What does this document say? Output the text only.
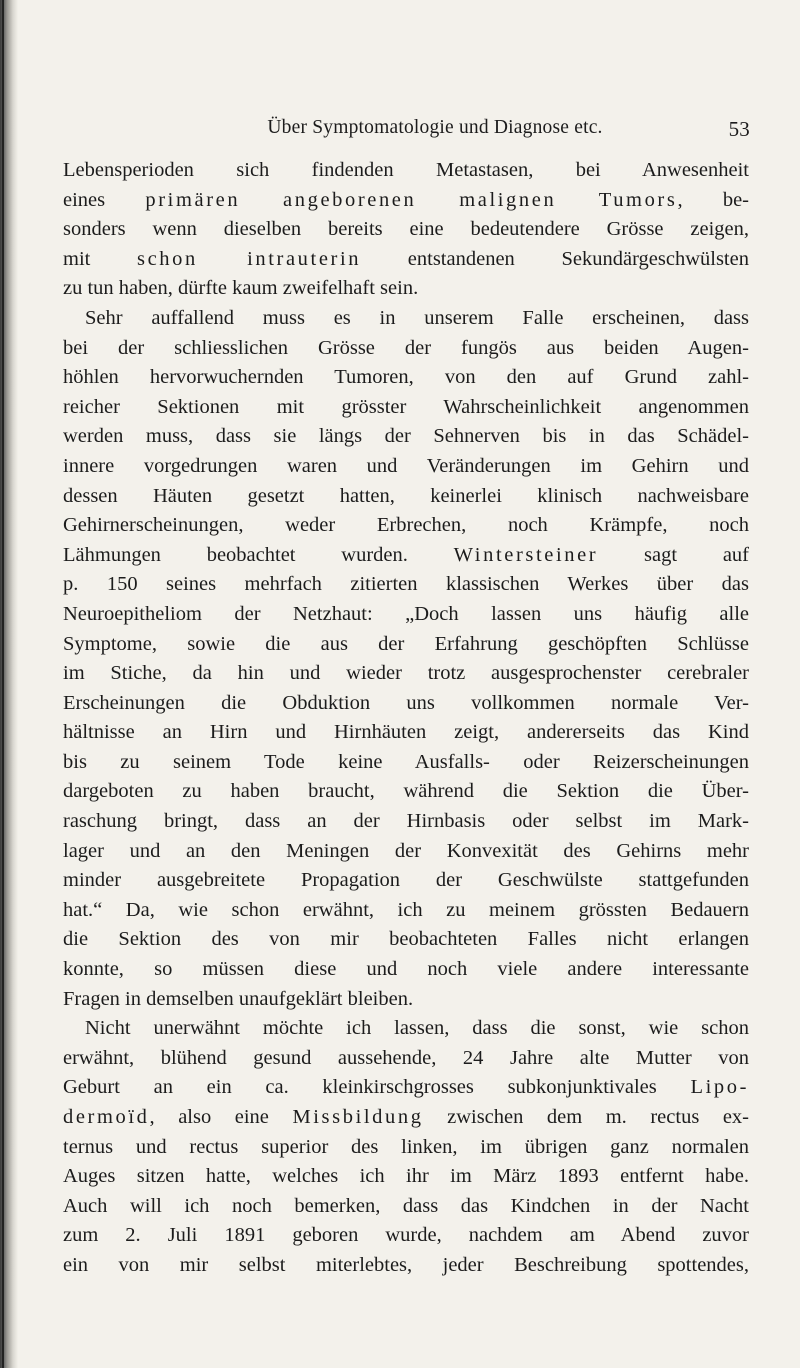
Über Symptomatologie und Diagnose etc.	53
Lebensperioden sich findenden Metastasen, bei Anwesenheit
eines primären angeborenen malignen Tumors, be-
sonders wenn dieselben bereits eine bedeutendere Grösse zeigen,
mit schon intrauterin entstandenen Sekundärgeschwülsten
zu tun haben, dürfte kaum zweifelhaft sein.
Sehr auffallend muss es in unserem Falle erscheinen, dass
bei der schliesslichen Grösse der fungös aus beiden Augen-
höhlen hervorwuchernden Tumoren, von den auf Grund zahl-
reicher Sektionen mit grösster Wahrscheinlichkeit angenommen
werden muss, dass sie längs der Sehnerven bis in das Schädel-
innere vorgedrungen waren und Veränderungen im Gehirn und
dessen Häuten gesetzt hatten, keinerlei klinisch nachweisbare
Gehirnerscheinungen, weder Erbrechen, noch Krämpfe, noch
Lähmungen beobachtet wurden. Wintersteiner sagt auf
p. 150 seines mehrfach zitierten klassischen Werkes über das
Neuroepitheliom der Netzhaut: „Doch lassen uns häufig alle
Symptome, sowie die aus der Erfahrung geschöpften Schlüsse
im Stiche, da hin und wieder trotz ausgesprochenster cerebraler
Erscheinungen die Obduktion uns vollkommen normale Ver-
hältnisse an Hirn und Hirnhäuten zeigt, andererseits das Kind
bis zu seinem Tode keine Ausfalls- oder Reizerscheinungen
dargeboten zu haben braucht, während die Sektion die Über-
raschung bringt, dass an der Hirnbasis oder selbst im Mark-
lager und an den Meningen der Konvexität des Gehirns mehr
minder ausgebreitete Propagation der Geschwülste stattgefunden
hat.“ Da, wie schon erwähnt, ich zu meinem grössten Bedauern
die Sektion des von mir beobachteten Falles nicht erlangen
konnte, so müssen diese und noch viele andere interessante
Fragen in demselben unaufgeklärt bleiben.
Nicht unerwähnt möchte ich lassen, dass die sonst, wie schon
erwähnt, blühend gesund aussehende, 24 Jahre alte Mutter von
Geburt an ein ca. kleinkirschgrosses subkonjunktivales Lipo-
dermoïd, also eine Missbildung zwischen dem m. rectus ex-
ternus und rectus superior des linken, im übrigen ganz normalen
Auges sitzen hatte, welches ich ihr im März 1893 entfernt habe.
Auch will ich noch bemerken, dass das Kindchen in der Nacht
zum 2. Juli 1891 geboren wurde, nachdem am Abend zuvor
ein von mir selbst miterlebtes, jeder Beschreibung spottendes,
